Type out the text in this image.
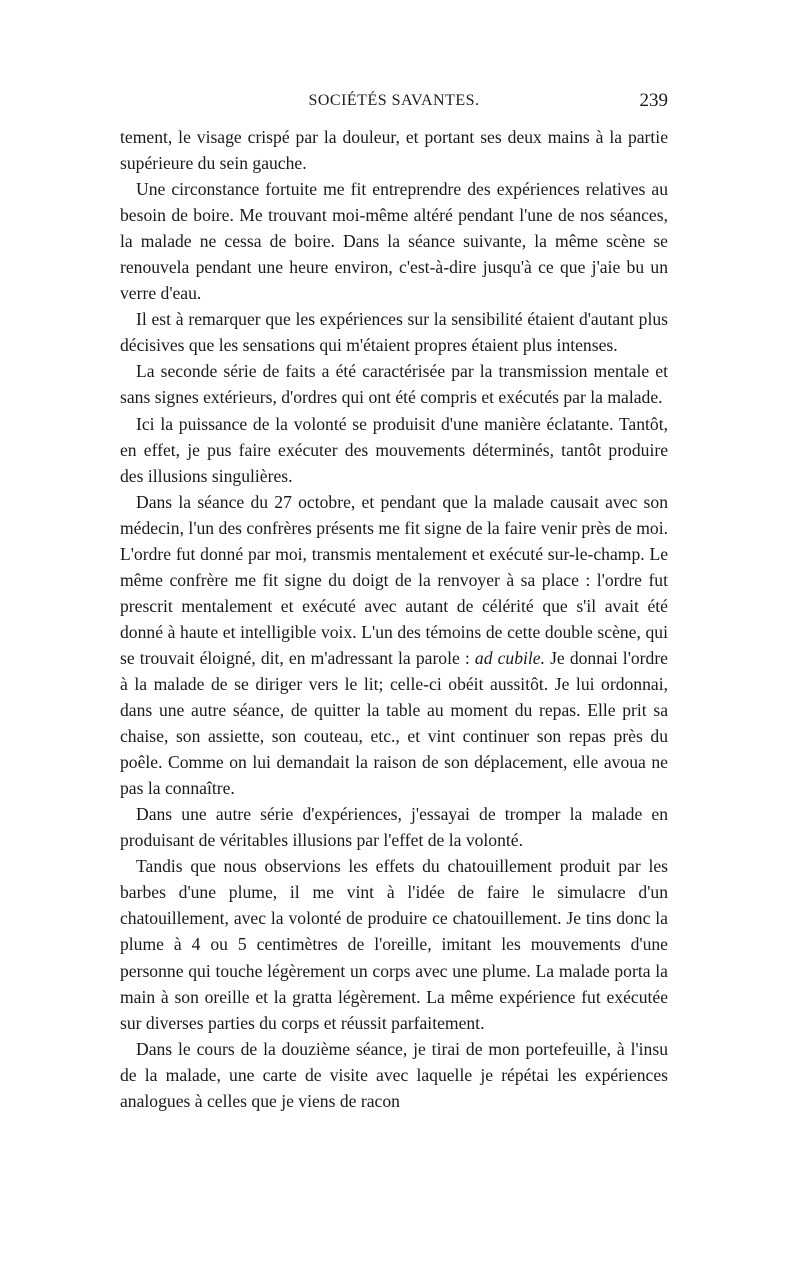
SOCIÉTÉS SAVANTES.	239

tement, le visage crispé par la douleur, et portant ses deux mains à la partie supérieure du sein gauche.

Une circonstance fortuite me fit entreprendre des expériences relatives au besoin de boire. Me trouvant moi-même altéré pendant l'une de nos séances, la malade ne cessa de boire. Dans la séance suivante, la même scène se renouvela pendant une heure environ, c'est-à-dire jusqu'à ce que j'aie bu un verre d'eau.

Il est à remarquer que les expériences sur la sensibilité étaient d'autant plus décisives que les sensations qui m'étaient propres étaient plus intenses.

La seconde série de faits a été caractérisée par la transmission mentale et sans signes extérieurs, d'ordres qui ont été compris et exécutés par la malade.

Ici la puissance de la volonté se produisit d'une manière éclatante. Tantôt, en effet, je pus faire exécuter des mouvements déterminés, tantôt produire des illusions singulières.

Dans la séance du 27 octobre, et pendant que la malade causait avec son médecin, l'un des confrères présents me fit signe de la faire venir près de moi. L'ordre fut donné par moi, transmis mentalement et exécuté sur-le-champ. Le même confrère me fit signe du doigt de la renvoyer à sa place : l'ordre fut prescrit mentalement et exécuté avec autant de célérité que s'il avait été donné à haute et intelligible voix. L'un des témoins de cette double scène, qui se trouvait éloigné, dit, en m'adressant la parole : ad cubile. Je donnai l'ordre à la malade de se diriger vers le lit; celle-ci obéit aussitôt. Je lui ordonnai, dans une autre séance, de quitter la table au moment du repas. Elle prit sa chaise, son assiette, son couteau, etc., et vint continuer son repas près du poêle. Comme on lui demandait la raison de son déplacement, elle avoua ne pas la connaître.

Dans une autre série d'expériences, j'essayai de tromper la malade en produisant de véritables illusions par l'effet de la volonté.

Tandis que nous observions les effets du chatouillement produit par les barbes d'une plume, il me vint à l'idée de faire le simulacre d'un chatouillement, avec la volonté de produire ce chatouillement. Je tins donc la plume à 4 ou 5 centimètres de l'oreille, imitant les mouvements d'une personne qui touche légèrement un corps avec une plume. La malade porta la main à son oreille et la gratta légèrement. La même expérience fut exécutée sur diverses parties du corps et réussit parfaitement.

Dans le cours de la douzième séance, je tirai de mon portefeuille, à l'insu de la malade, une carte de visite avec laquelle je répétai les expériences analogues à celles que je viens de racon
